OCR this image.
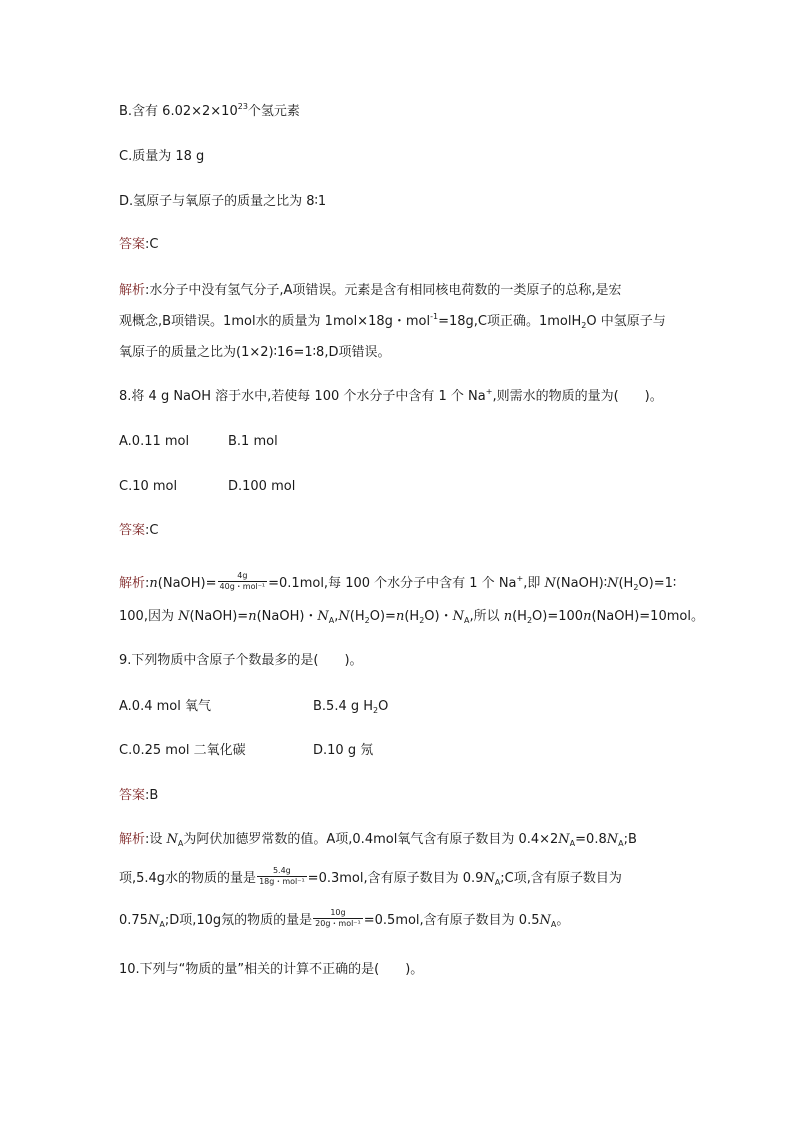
B.含有 $6.02\times 2\times 10^{23}$个氢元素
C.质量为 18 g
D.氢原子与氧原子的质量之比为 8∶1
答案:C
解析:水分子中没有氢气分子,A项错误。元素是含有相同核电荷数的一类原子的总称,是宏
观概念,B项错误。1mol水的质量为 1mol×18g・mol$^{-1}$=18g,C项正确。1molH$_2$O 中氢原子与
氧原子的质量之比为(1×2)∶16=1∶8,D项错误。
8.将 4 g NaOH 溶于水中,若使每 100 个水分子中含有 1 个 Na+,则需水的物质的量为(　　)。
A.0.11 mol	B.1 mol
C.10 mol	D.100 mol
答案:C
解析:n(NaOH)= $\frac{4g}{\text{40g・mol⁻¹}} =0.1mol$,每 100 个水分子中含有 1 个 Na+,即 $N(NaOH)∶N(H_2O)=1∶$
100,因为 N(NaOH)=n(NaOH)・$N_A,N(H_2O)=n(H_2O)$・$N_A$,所以 $n(H_2O)=100n(NaOH)=10mol$。
9.下列物质中含原子个数最多的是(　　)。
A.0.4 mol 氧气	B.5.4 g $H_2O$
C.0.25 mol 二氧化碳	D.10 g 氖
答案:B
解析:设 $N_A$为阿伏加德罗常数的值。A项,0.4mol氧气含有原子数目为 $0.4\times 2N_A=0.8N_A;B$
项,5.4g水的物质的量是 $\frac{5.4g}{\text{18g・mol⁻¹}} =0.3mol$,含有原子数目为 $0.9N_A;C$项,含有原子数目为
$0.75N_A;D$项,10g氖的物质的量是 $\frac{10g}{\text{20g・mol⁻¹}} =0.5mol$,含有原子数目为 $0.5N_A$。
10.下列与“物质的量”相关的计算不正确的是(　　)。
